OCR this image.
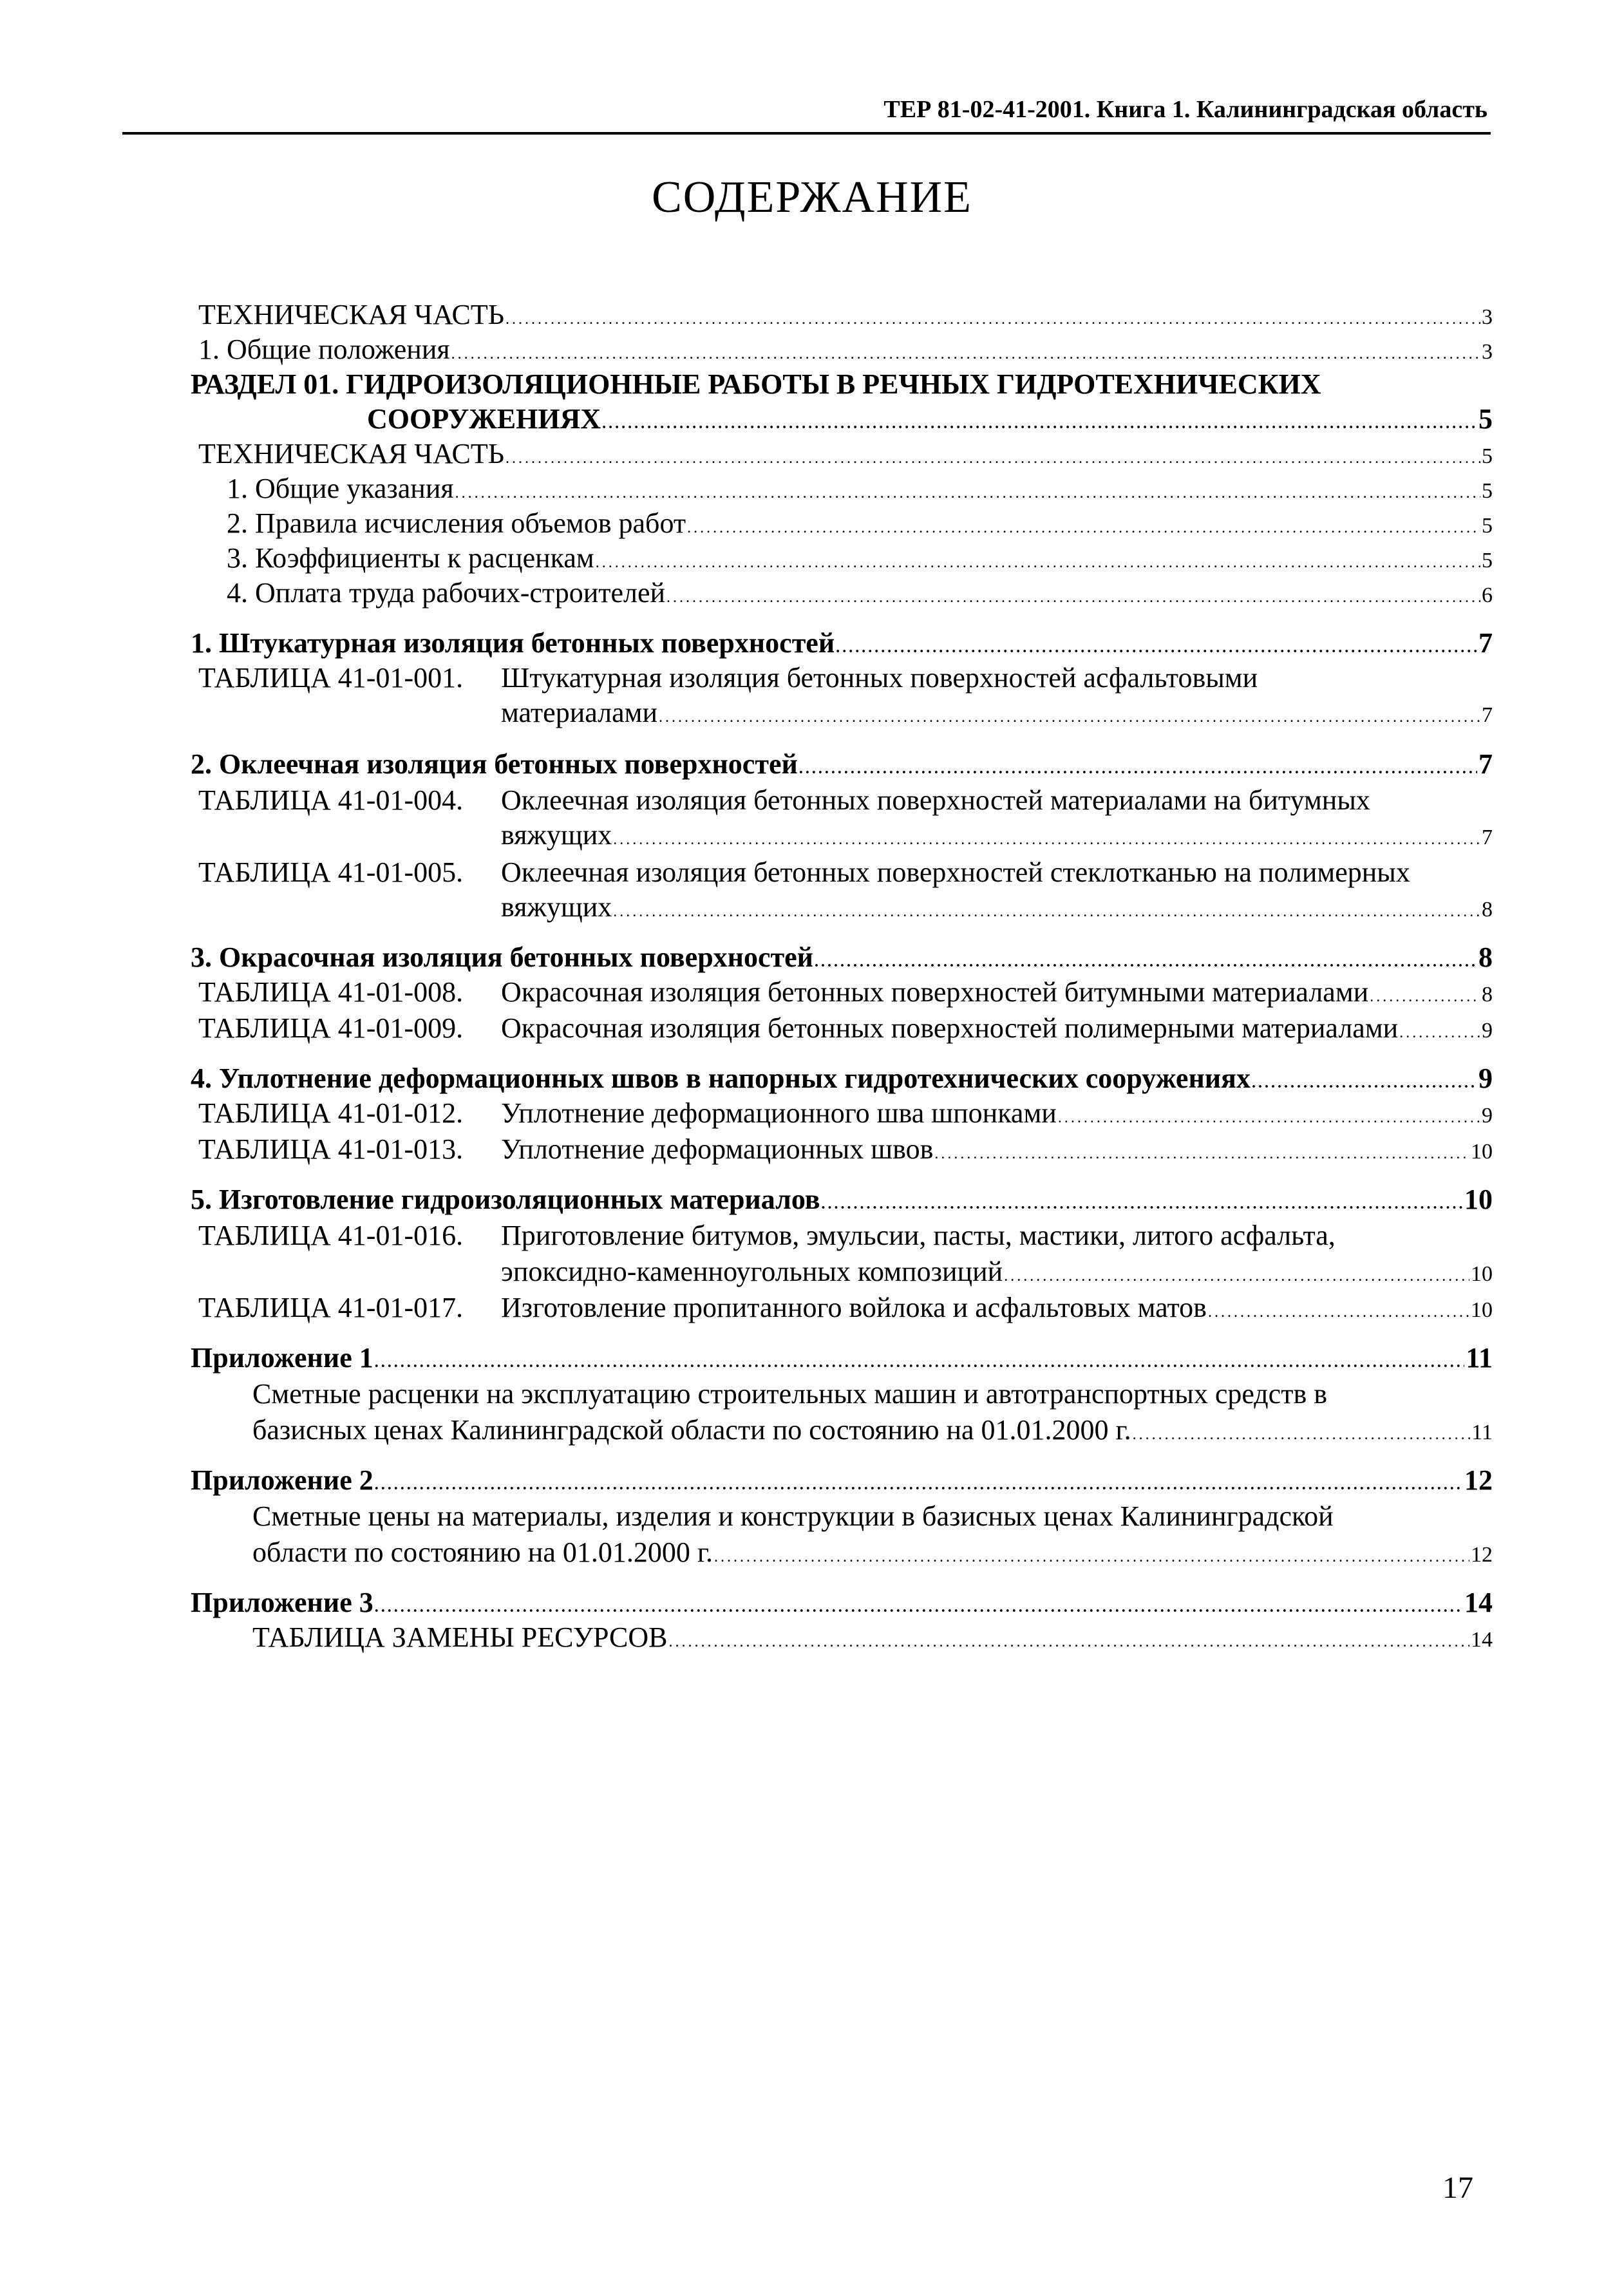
ТЕР 81-02-41-2001. Книга 1. Калининградская область
СОДЕРЖАНИЕ
ТЕХНИЧЕСКАЯ ЧАСТЬ .....	3
1. Общие положения .....	3
РАЗДЕЛ 01. ГИДРОИЗОЛЯЦИОННЫЕ РАБОТЫ В РЕЧНЫХ ГИДРОТЕХНИЧЕСКИХ
СООРУЖЕНИЯХ .....	5
ТЕХНИЧЕСКАЯ ЧАСТЬ .....	5
1. Общие указания .....	5
2. Правила исчисления объемов работ .....	5
3. Коэффициенты к расценкам .....	5
4. Оплата труда рабочих-строителей .....	6
1. Штукатурная изоляция бетонных поверхностей .....	7
ТАБЛИЦА 41-01-001. Штукатурная изоляция бетонных поверхностей асфальтовыми
материалами .....	7
2. Оклеечная изоляция бетонных поверхностей .....	7
ТАБЛИЦА 41-01-004. Оклеечная изоляция бетонных поверхностей материалами на битумных
вяжущих .....	7
ТАБЛИЦА 41-01-005. Оклеечная изоляция бетонных поверхностей стеклотканью на полимерных
вяжущих .....	8
3. Окрасочная изоляция бетонных поверхностей .....	8
ТАБЛИЦА 41-01-008. Окрасочная изоляция бетонных поверхностей битумными материалами .....	8
ТАБЛИЦА 41-01-009. Окрасочная изоляция бетонных поверхностей полимерными материалами .....	9
4. Уплотнение деформационных швов в напорных гидротехнических сооружениях .....	9
ТАБЛИЦА 41-01-012. Уплотнение деформационного шва шпонками .....	9
ТАБЛИЦА 41-01-013. Уплотнение деформационных швов .....	10
5. Изготовление гидроизоляционных материалов .....	10
ТАБЛИЦА 41-01-016. Приготовление битумов, эмульсии, пасты, мастики, литого асфальта,
эпоксидно-каменноугольных композиций .....	10
ТАБЛИЦА 41-01-017. Изготовление пропитанного войлока и асфальтовых матов .....	10
Приложение 1 .....	11
Сметные расценки на эксплуатацию строительных машин и автотранспортных средств в
базисных ценах Калининградской области по состоянию на 01.01.2000 г. .....	11
Приложение 2 .....	12
Сметные цены на материалы, изделия и конструкции в базисных ценах Калининградской
области по состоянию на 01.01.2000 г. .....	12
Приложение 3 .....	14
ТАБЛИЦА ЗАМЕНЫ РЕСУРСОВ .....	14
17
